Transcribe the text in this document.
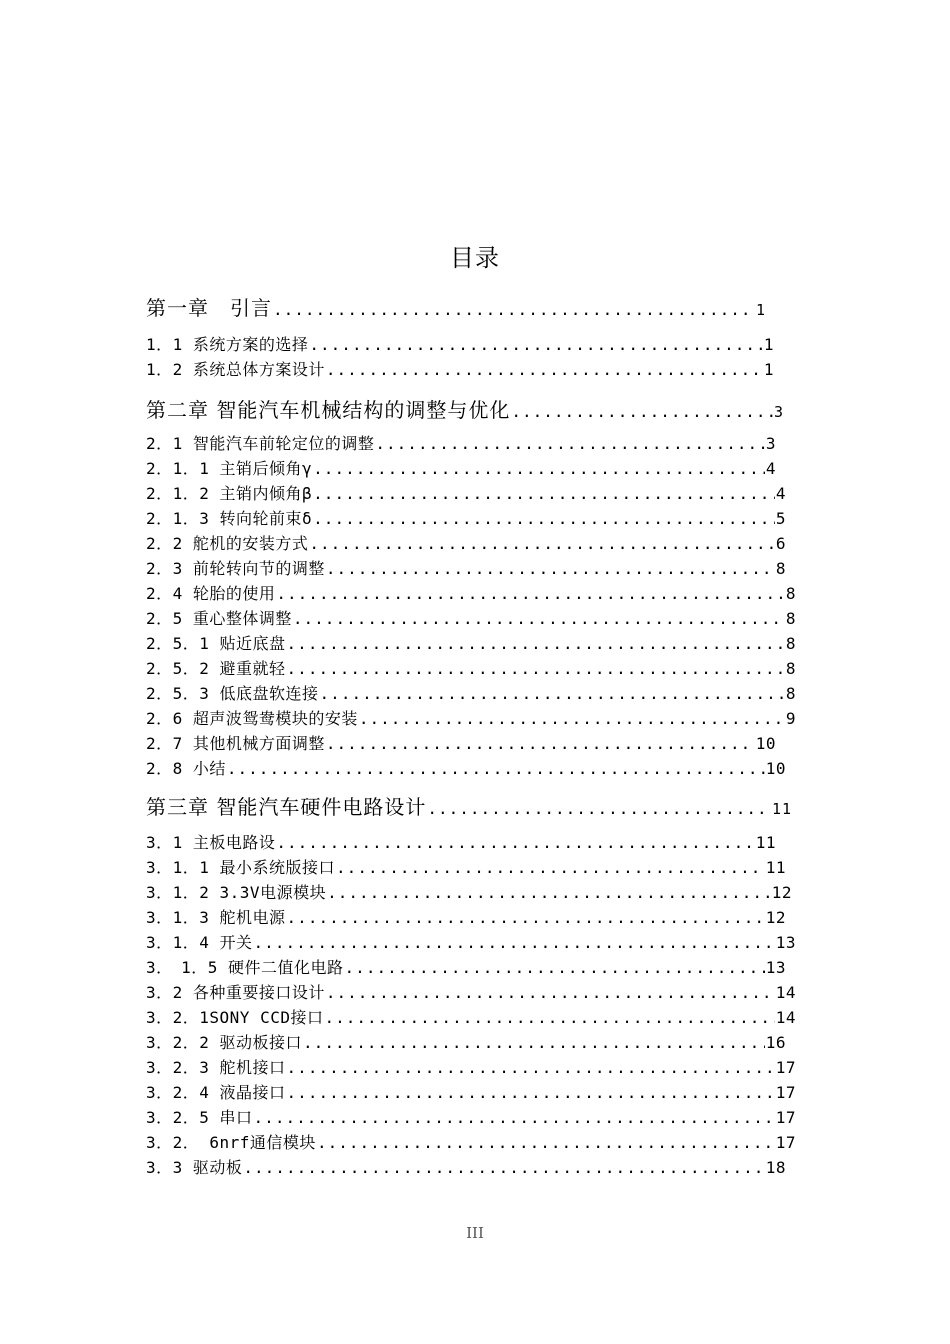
目录
第一章　引言 .....	1
1．1 系统方案的选择 .....	1
1．2 系统总体方案设计 .....	1
第二章 智能汽车机械结构的调整与优化 .....	3
2．1 智能汽车前轮定位的调整 .....	3
2．1．1 主销后倾角γ .....	4
2．1．2 主销内倾角β .....	4
2．1．3 转向轮前束δ .....	5
2．2 舵机的安装方式 .....	6
2．3 前轮转向节的调整 .....	8
2．4 轮胎的使用 .....	8
2．5 重心整体调整 .....	8
2．5．1 贴近底盘 .....	8
2．5．2 避重就轻 .....	8
2．5．3 低底盘软连接 .....	8
2．6 超声波鸳鸯模块的安装 .....	9
2．7 其他机械方面调整 .....	10
2．8 小结 .....	10
第三章 智能汽车硬件电路设计 .....	11
3．1 主板电路设 .....	11
3．1．1 最小系统版接口 .....	11
3．1．2 3.3V电源模块 .....	12
3．1．3 舵机电源 .....	12
3．1．4 开关 .....	13
3．　1．5 硬件二值化电路 .....	13
3．2 各种重要接口设计 .....	14
3．2．1SONY CCD接口 .....	14
3．2．2 驱动板接口 .....	16
3．2．3 舵机接口 .....	17
3．2．4 液晶接口 .....	17
3．2．5 串口 .....	17
3．2． 6nrf通信模块 .....	17
3．3 驱动板 .....	18
III
